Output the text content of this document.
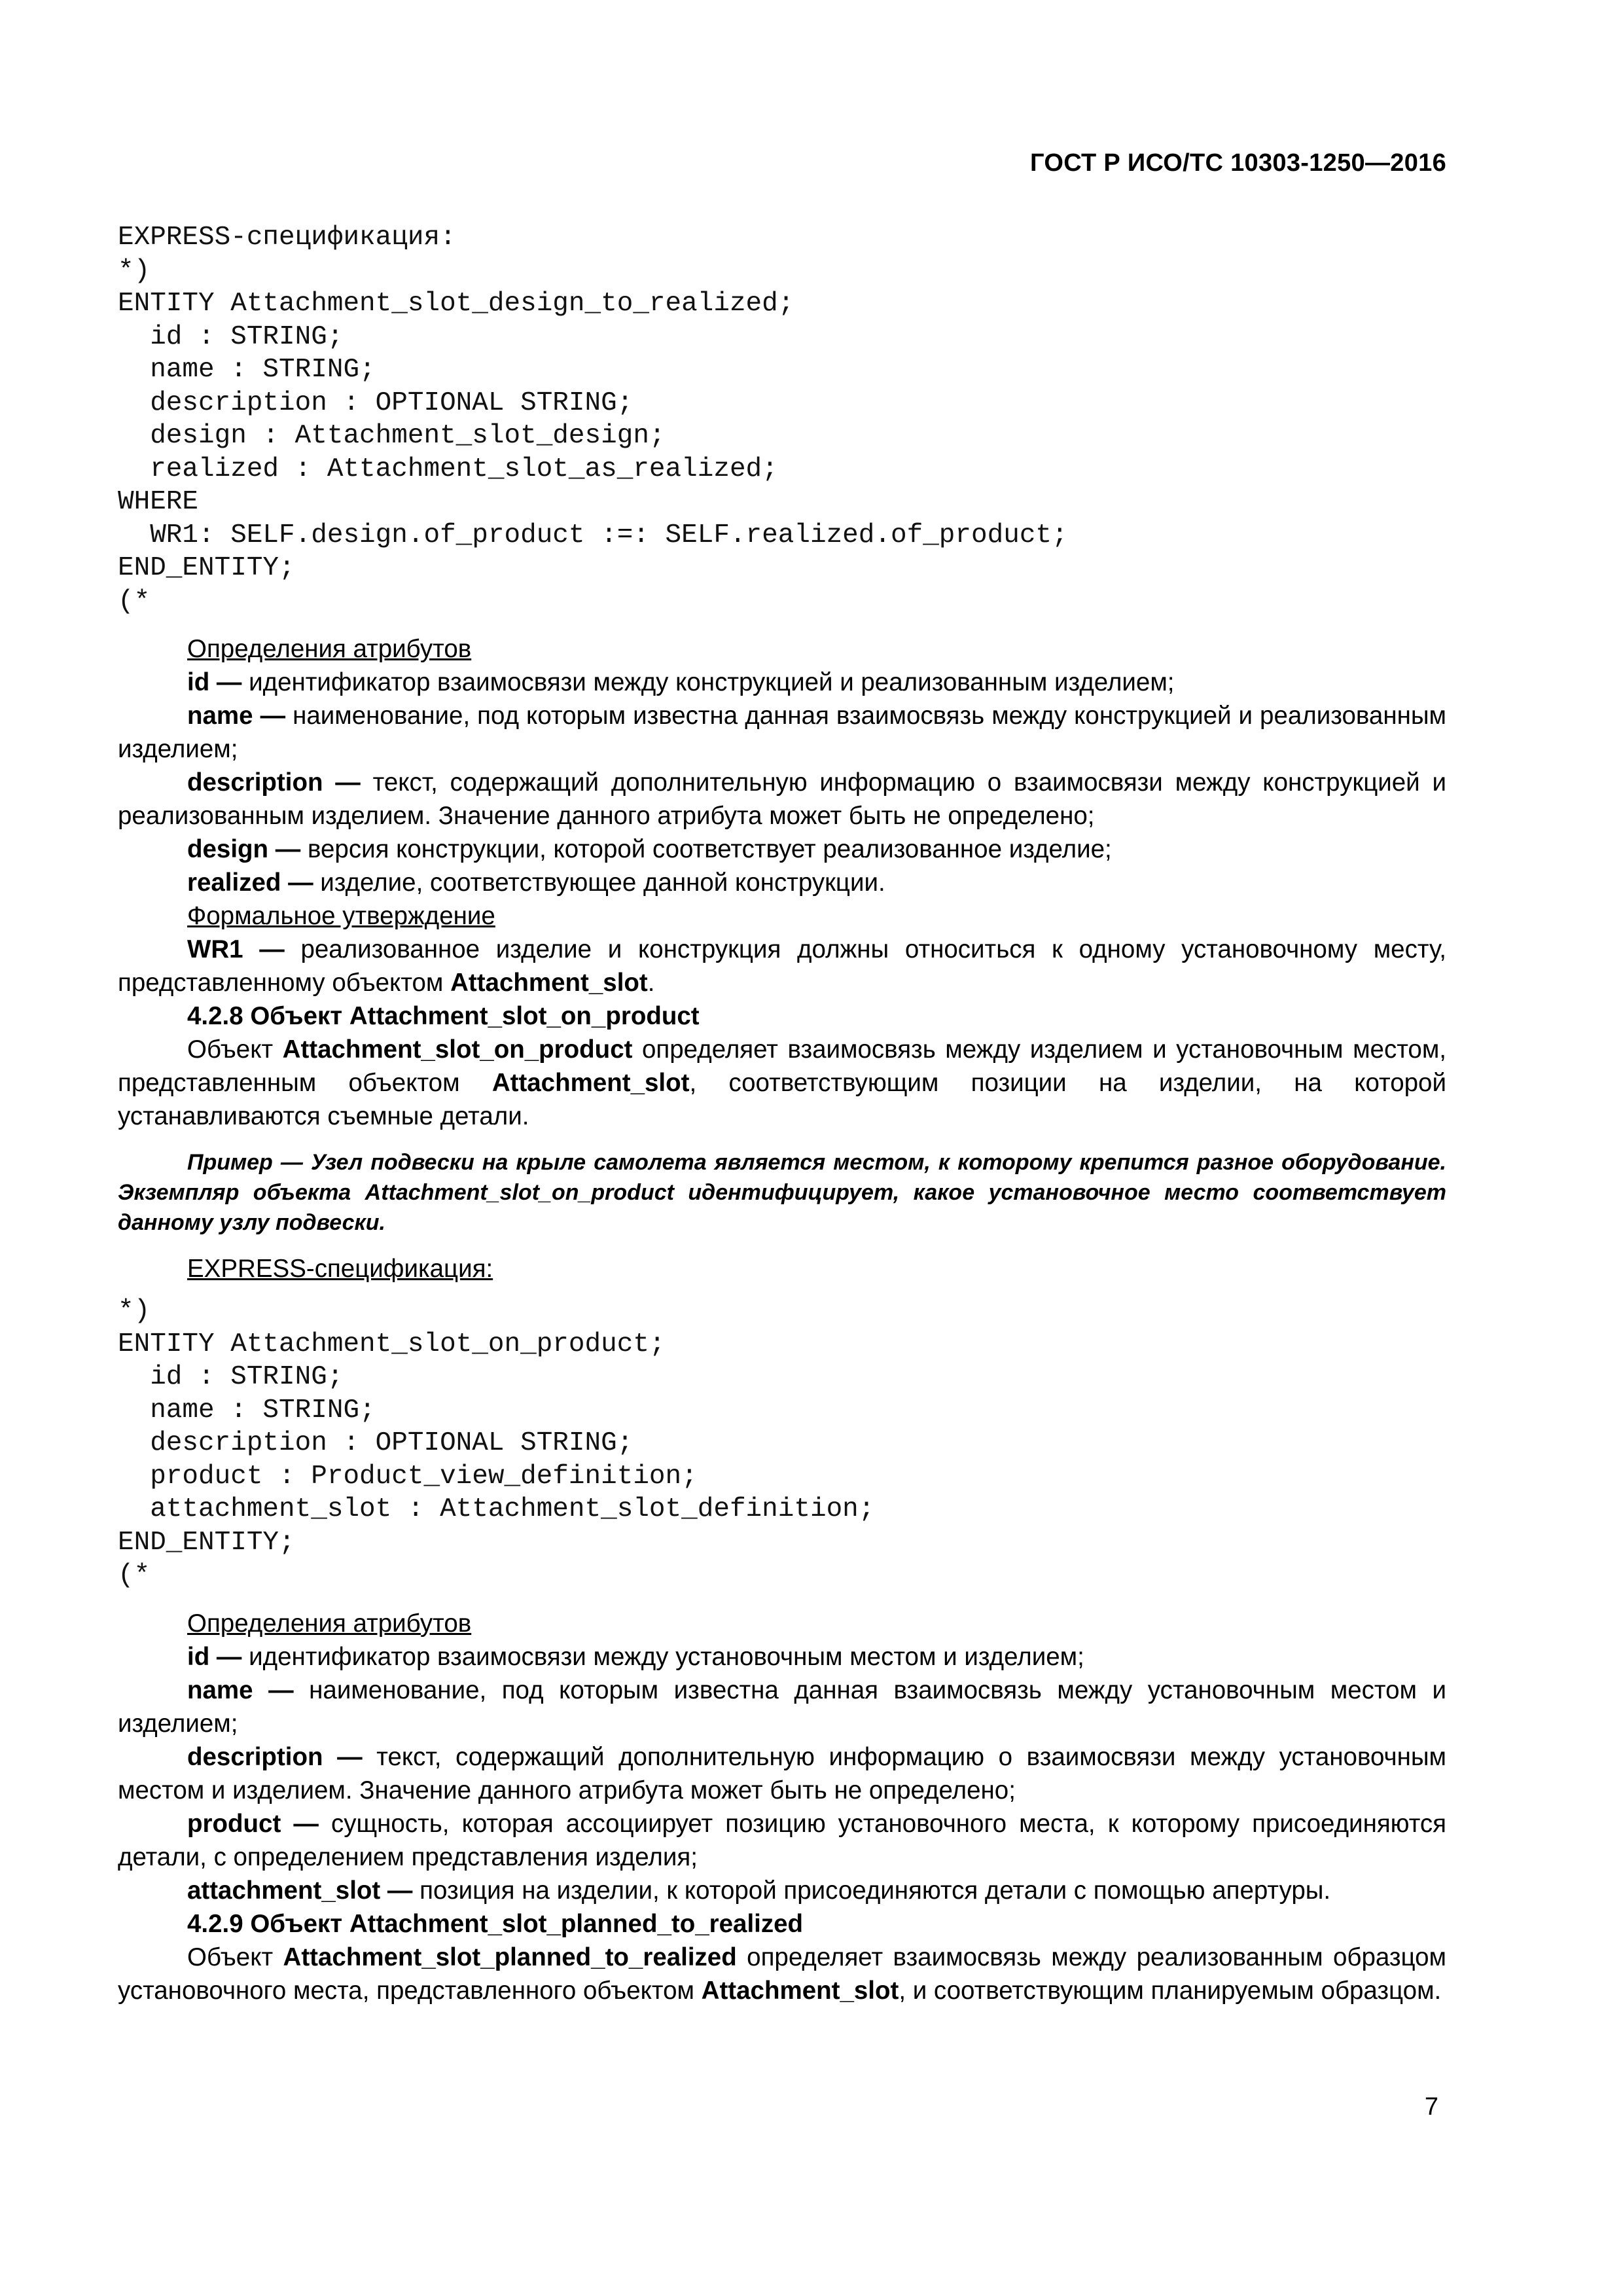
ГОСТ Р ИСО/ТС 10303-1250—2016
EXPRESS-спецификация:
*)
ENTITY Attachment_slot_design_to_realized;
id : STRING;
name : STRING;
description : OPTIONAL STRING;
design : Attachment_slot_design;
realized : Attachment_slot_as_realized;
WHERE
WR1: SELF.design.of_product :=: SELF.realized.of_product;
END_ENTITY;
(*
Определения атрибутов
id — идентификатор взаимосвязи между конструкцией и реализованным изделием;
name — наименование, под которым известна данная взаимосвязь между конструкцией и реализованным изделием;
description — текст, содержащий дополнительную информацию о взаимосвязи между конструкцией и реализованным изделием. Значение данного атрибута может быть не определено;
design — версия конструкции, которой соответствует реализованное изделие;
realized — изделие, соответствующее данной конструкции.
Формальное утверждение
WR1 — реализованное изделие и конструкция должны относиться к одному установочному месту, представленному объектом Attachment_slot.
4.2.8 Объект Attachment_slot_on_product
Объект Attachment_slot_on_product определяет взаимосвязь между изделием и установочным местом, представленным объектом Attachment_slot, соответствующим позиции на изделии, на которой устанавливаются съемные детали.
Пример — Узел подвески на крыле самолета является местом, к которому крепится разное оборудование. Экземпляр объекта Attachment_slot_on_product идентифицирует, какое установочное место соответствует данному узлу подвески.
EXPRESS-спецификация:
*)
ENTITY Attachment_slot_on_product;
id : STRING;
name : STRING;
description : OPTIONAL STRING;
product : Product_view_definition;
attachment_slot : Attachment_slot_definition;
END_ENTITY;
(*
Определения атрибутов
id — идентификатор взаимосвязи между установочным местом и изделием;
name — наименование, под которым известна данная взаимосвязь между установочным местом и изделием;
description — текст, содержащий дополнительную информацию о взаимосвязи между установочным местом и изделием. Значение данного атрибута может быть не определено;
product — сущность, которая ассоциирует позицию установочного места, к которому присоединяются детали, с определением представления изделия;
attachment_slot — позиция на изделии, к которой присоединяются детали с помощью апертуры.
4.2.9 Объект Attachment_slot_planned_to_realized
Объект Attachment_slot_planned_to_realized определяет взаимосвязь между реализованным образцом установочного места, представленного объектом Attachment_slot, и соответствующим планируемым образцом.
7
